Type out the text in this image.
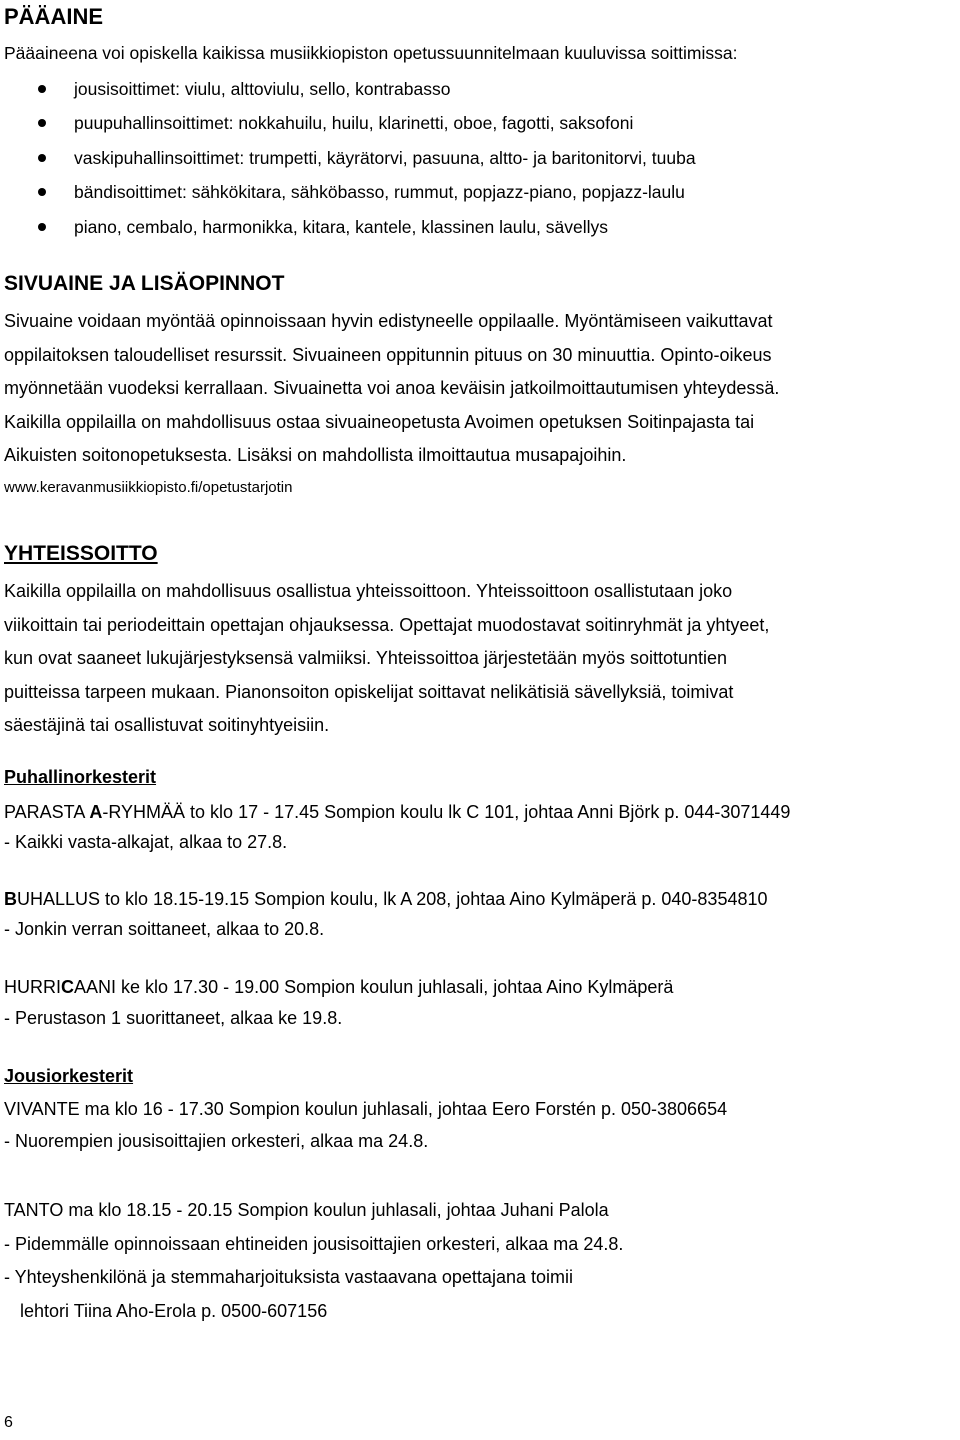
PÄÄAINE
Pääaineena voi opiskella kaikissa musiikkiopiston opetussuunnitelmaan kuuluvissa soittimissa:
jousisoittimet: viulu, alttoviulu, sello, kontrabasso
puupuhallinsoittimet: nokkahuilu, huilu, klarinetti, oboe, fagotti, saksofoni
vaskipuhallinsoittimet: trumpetti, käyrätorvi, pasuuna, altto- ja baritonitorvi, tuuba
bändisoittimet: sähkökitara, sähköbasso, rummut, popjazz-piano, popjazz-laulu
piano, cembalo, harmonikka, kitara, kantele, klassinen laulu, sävellys
SIVUAINE JA LISÄOPINNOT
Sivuaine voidaan myöntää opinnoissaan hyvin edistyneelle oppilaalle. Myöntämiseen vaikuttavat
oppilaitoksen taloudelliset resurssit. Sivuaineen oppitunnin pituus on 30 minuuttia. Opinto-oikeus
myönnetään vuodeksi kerrallaan. Sivuainetta voi anoa keväisin jatkoilmoittautumisen yhteydessä.
Kaikilla oppilailla on mahdollisuus ostaa sivuaineopetusta Avoimen opetuksen Soitinpajasta tai
Aikuisten soitonopetuksesta. Lisäksi on mahdollista ilmoittautua musapajoihin.
www.keravanmusiikkiopisto.fi/opetustarjotin
YHTEISSOITTO
Kaikilla oppilailla on mahdollisuus osallistua yhteissoittoon. Yhteissoittoon osallistutaan joko
viikoittain tai periodeittain opettajan ohjauksessa. Opettajat muodostavat soitinryhmät ja yhtyeet,
kun ovat saaneet lukujärjestyksensä valmiiksi. Yhteissoittoa järjestetään myös soittotuntien
puitteissa tarpeen mukaan. Pianonsoiton opiskelijat soittavat nelikätisiä sävellyksiä, toimivat
säestäjinä tai osallistuvat soitinyhtyeisiin.
Puhallinorkesterit
PARASTA A-RYHMÄÄ to klo 17 - 17.45 Sompion koulu lk C 101, johtaa Anni Björk p. 044-3071449
- Kaikki vasta-alkajat, alkaa to 27.8.
BUHALLUS to klo 18.15-19.15 Sompion koulu, lk A 208, johtaa Aino Kylmäperä p. 040-8354810
- Jonkin verran soittaneet, alkaa to 20.8.
HURRICAANI ke klo 17.30 - 19.00 Sompion koulun juhlasali, johtaa Aino Kylmäperä
- Perustason 1 suorittaneet, alkaa ke 19.8.
Jousiorkesterit
VIVANTE ma klo 16 - 17.30 Sompion koulun juhlasali, johtaa Eero Forstén p. 050-3806654
- Nuorempien jousisoittajien orkesteri, alkaa ma 24.8.
TANTO ma klo 18.15 - 20.15 Sompion koulun juhlasali, johtaa Juhani Palola
- Pidemmälle opinnoissaan ehtineiden jousisoittajien orkesteri, alkaa ma 24.8.
- Yhteyshenkilönä ja stemmaharjoituksista vastaavana opettajana toimii
lehtori Tiina Aho-Erola p. 0500-607156
6
